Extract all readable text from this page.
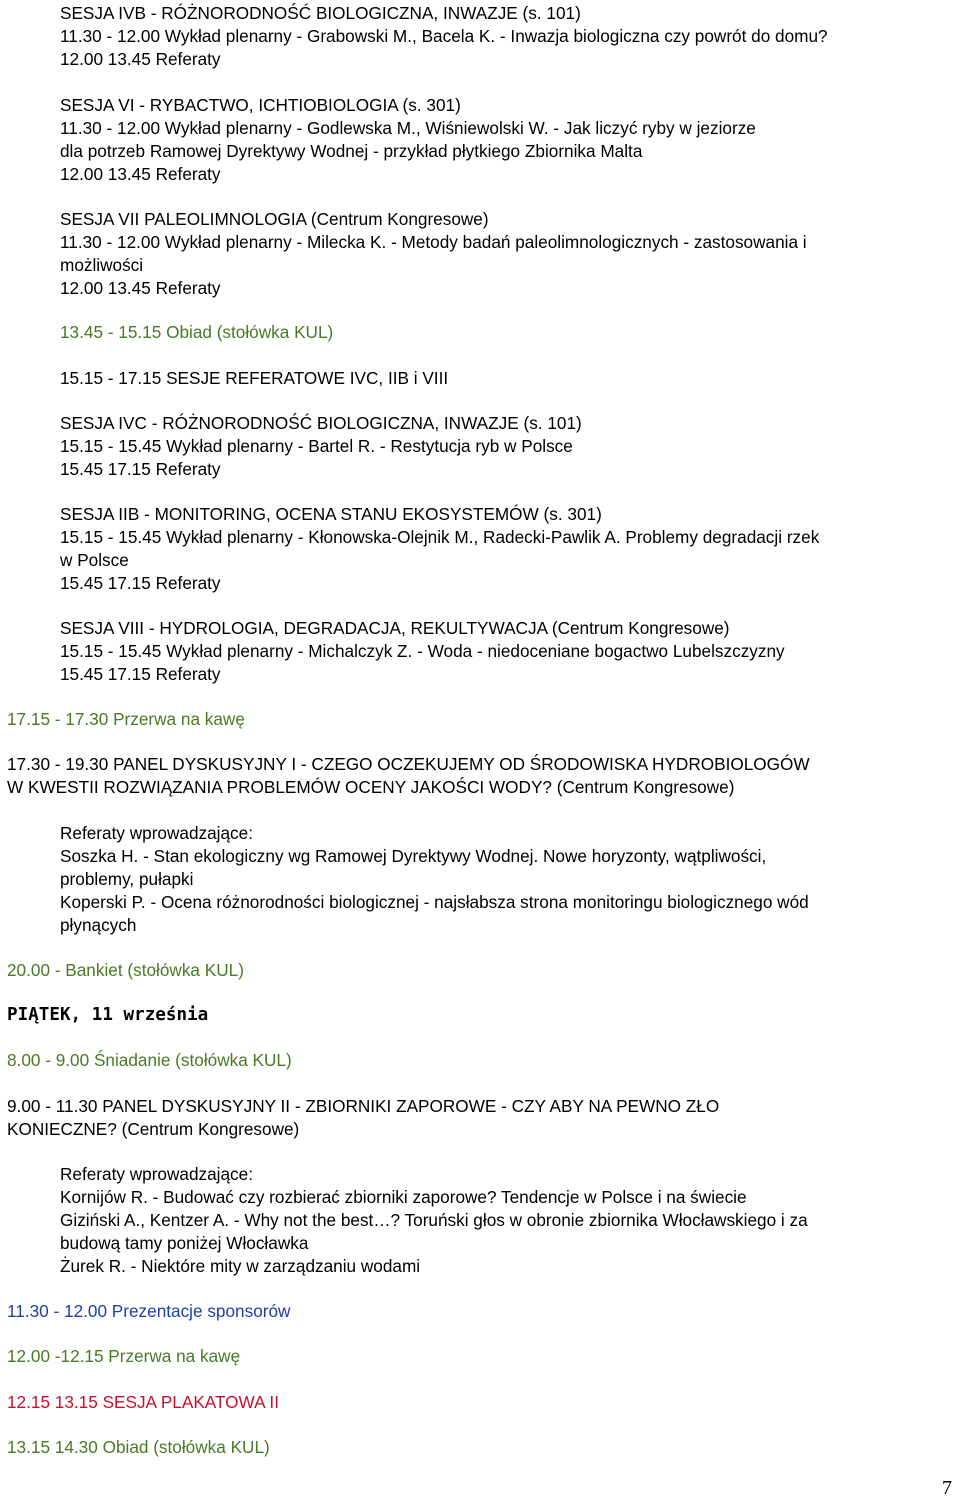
SESJA IVB - RÓŻNORODNOŚĆ BIOLOGICZNA, INWAZJE (s. 101)
11.30 - 12.00 Wykład plenarny - Grabowski M., Bacela K. - Inwazja biologiczna czy powrót do domu?
12.00 13.45 Referaty
SESJA VI - RYBACTWO, ICHTIOBIOLOGIA (s. 301)
11.30 - 12.00 Wykład plenarny - Godlewska M., Wiśniewolski W. - Jak liczyć ryby w jeziorze
dla potrzeb Ramowej Dyrektywy Wodnej - przykład płytkiego Zbiornika Malta
12.00 13.45 Referaty
SESJA VII PALEOLIMNOLOGIA (Centrum Kongresowe)
11.30 - 12.00 Wykład plenarny - Milecka K. - Metody badań paleolimnologicznych - zastosowania i
możliwości
12.00 13.45 Referaty
13.45 - 15.15 Obiad (stołówka KUL)
15.15 - 17.15 SESJE REFERATOWE IVC, IIB i VIII
SESJA IVC - RÓŻNORODNOŚĆ BIOLOGICZNA, INWAZJE (s. 101)
15.15 - 15.45 Wykład plenarny - Bartel R. - Restytucja ryb w Polsce
15.45 17.15 Referaty
SESJA IIB - MONITORING, OCENA STANU EKOSYSTEMÓW (s. 301)
15.15 - 15.45 Wykład plenarny - Kłonowska-Olejnik M., Radecki-Pawlik A. Problemy degradacji rzek
w Polsce
15.45 17.15 Referaty
SESJA VIII - HYDROLOGIA, DEGRADACJA, REKULTYWACJA (Centrum Kongresowe)
15.15 - 15.45 Wykład plenarny - Michalczyk Z. - Woda - niedoceniane bogactwo Lubelszczyzny
15.45 17.15 Referaty
17.15 - 17.30 Przerwa na kawę
17.30 - 19.30 PANEL DYSKUSYJNY I - CZEGO OCZEKUJEMY OD ŚRODOWISKA HYDROBIOLOGÓW
W KWESTII ROZWIĄZANIA PROBLEMÓW OCENY JAKOŚCI WODY? (Centrum Kongresowe)
Referaty wprowadzające:
Soszka H. - Stan ekologiczny wg Ramowej Dyrektywy Wodnej. Nowe horyzonty, wątpliwości,
problemy, pułapki
Koperski P. - Ocena różnorodności biologicznej - najsłabsza strona monitoringu biologicznego wód
płynących
20.00 - Bankiet (stołówka KUL)
PIĄTEK, 11 września
8.00 - 9.00 Śniadanie (stołówka KUL)
9.00 - 11.30 PANEL DYSKUSYJNY II - ZBIORNIKI ZAPOROWE - CZY ABY NA PEWNO ZŁO
KONIECZNE? (Centrum Kongresowe)
Referaty wprowadzające:
Kornijów R. - Budować czy rozbierać zbiorniki zaporowe? Tendencje w Polsce i na świecie
Giziński A., Kentzer A. - Why not the best…? Toruński głos w obronie zbiornika Włocławskiego i za
budową tamy poniżej Włocławka
Żurek R. - Niektóre mity w zarządzaniu wodami
11.30 - 12.00 Prezentacje sponsorów
12.00 -12.15 Przerwa na kawę
12.15 13.15 SESJA PLAKATOWA II
13.15 14.30 Obiad (stołówka KUL)
7
